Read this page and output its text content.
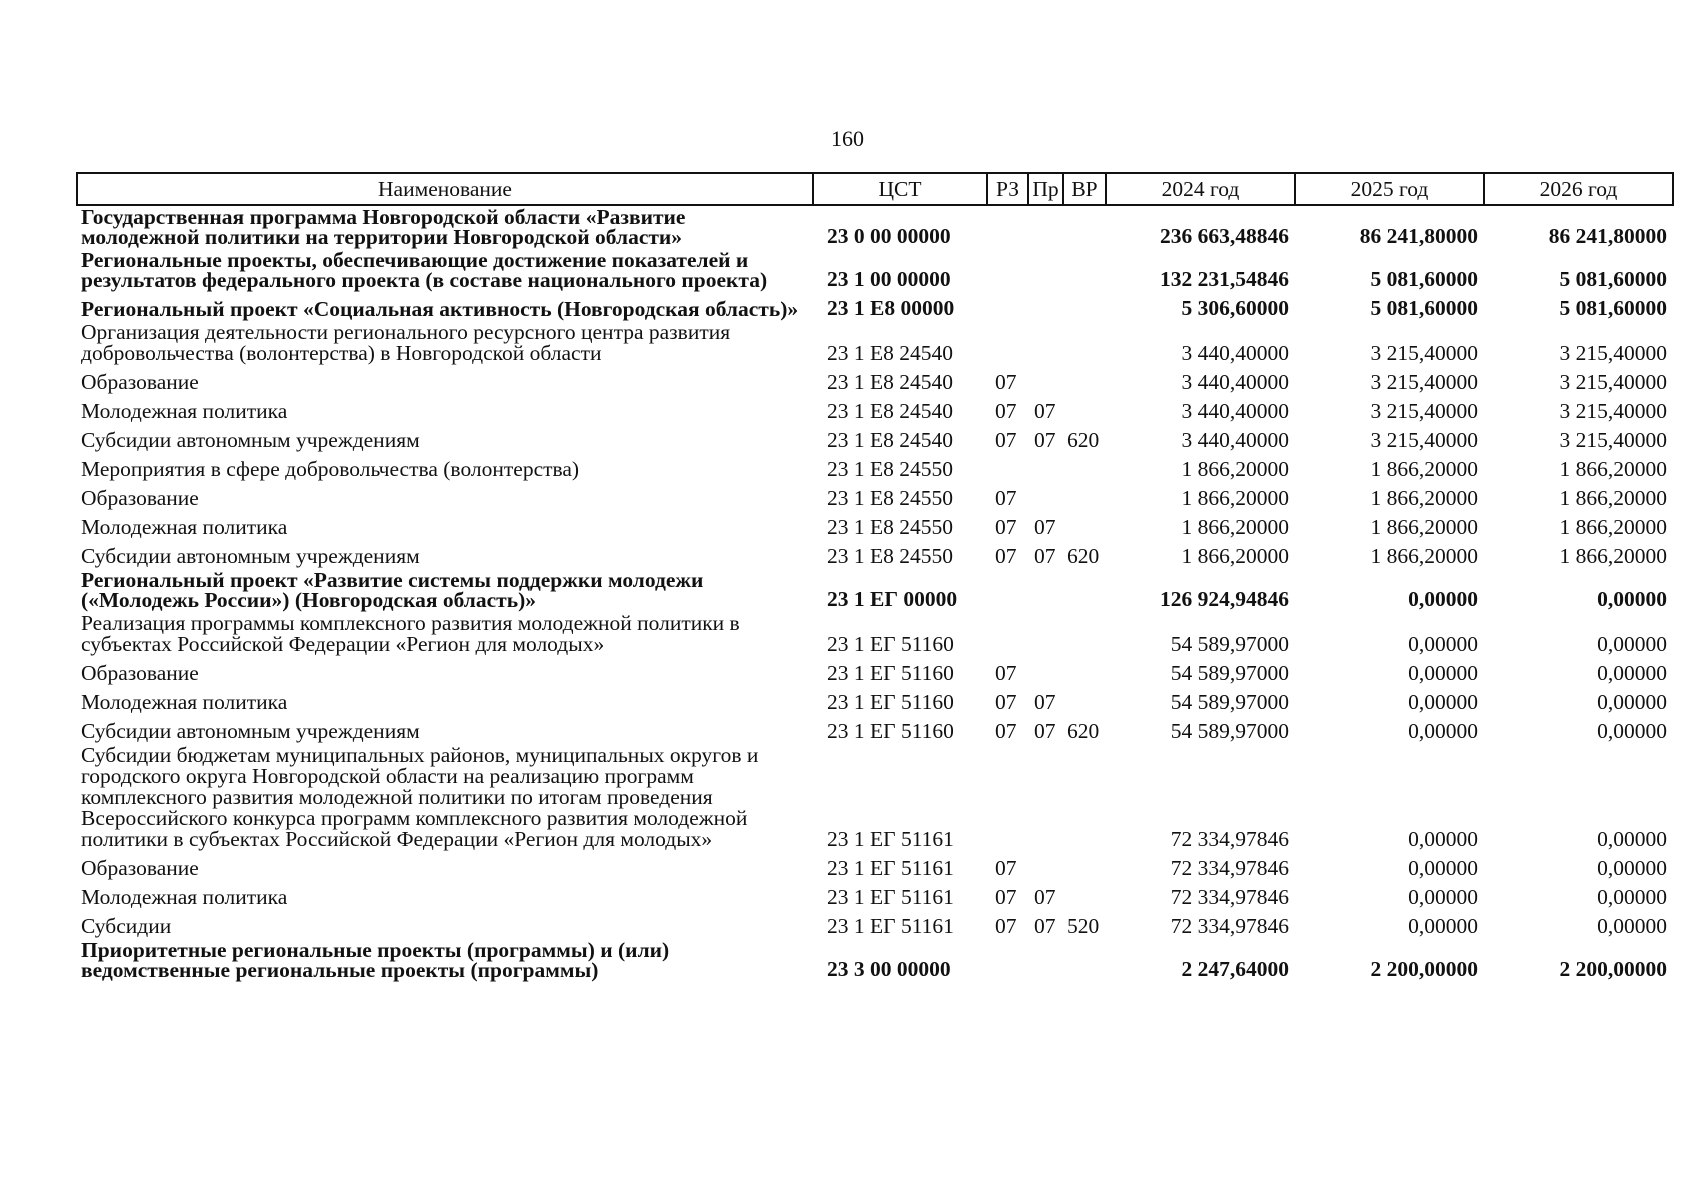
160
Наименование	ЦСТ	РЗ	Пр	ВР	2024 год	2025 год	2026 год
Государственная программа Новгородской области «Развитие молодежной политики на территории Новгородской области»	23 0 00 00000				236 663,48846	86 241,80000	86 241,80000
Региональные проекты, обеспечивающие достижение показателей и результатов федерального проекта (в составе национального проекта)	23 1 00 00000				132 231,54846	5 081,60000	5 081,60000
Региональный проект «Социальная активность (Новгородская область)»	23 1 Е8 00000				5 306,60000	5 081,60000	5 081,60000
Организация деятельности регионального ресурсного центра развития добровольчества (волонтерства) в Новгородской области	23 1 Е8 24540				3 440,40000	3 215,40000	3 215,40000
Образование	23 1 Е8 24540	07			3 440,40000	3 215,40000	3 215,40000
Молодежная политика	23 1 Е8 24540	07	07		3 440,40000	3 215,40000	3 215,40000
Субсидии автономным учреждениям	23 1 Е8 24540	07	07	620	3 440,40000	3 215,40000	3 215,40000
Мероприятия в сфере добровольчества (волонтерства)	23 1 Е8 24550				1 866,20000	1 866,20000	1 866,20000
Образование	23 1 Е8 24550	07			1 866,20000	1 866,20000	1 866,20000
Молодежная политика	23 1 Е8 24550	07	07		1 866,20000	1 866,20000	1 866,20000
Субсидии автономным учреждениям	23 1 Е8 24550	07	07	620	1 866,20000	1 866,20000	1 866,20000
Региональный проект «Развитие системы поддержки молодежи («Молодежь России») (Новгородская область)»	23 1 ЕГ 00000				126 924,94846	0,00000	0,00000
Реализация программы комплексного развития молодежной политики в субъектах Российской Федерации «Регион для молодых»	23 1 ЕГ 51160				54 589,97000	0,00000	0,00000
Образование	23 1 ЕГ 51160	07			54 589,97000	0,00000	0,00000
Молодежная политика	23 1 ЕГ 51160	07	07		54 589,97000	0,00000	0,00000
Субсидии автономным учреждениям	23 1 ЕГ 51160	07	07	620	54 589,97000	0,00000	0,00000
Субсидии бюджетам муниципальных районов, муниципальных округов и городского округа Новгородской области на реализацию программ комплексного развития молодежной политики по итогам проведения Всероссийского конкурса программ комплексного развития молодежной политики в субъектах Российской Федерации «Регион для молодых»	23 1 ЕГ 51161				72 334,97846	0,00000	0,00000
Образование	23 1 ЕГ 51161	07			72 334,97846	0,00000	0,00000
Молодежная политика	23 1 ЕГ 51161	07	07		72 334,97846	0,00000	0,00000
Субсидии	23 1 ЕГ 51161	07	07	520	72 334,97846	0,00000	0,00000
Приоритетные региональные проекты (программы) и (или) ведомственные региональные проекты (программы)	23 3 00 00000				2 247,64000	2 200,00000	2 200,00000
